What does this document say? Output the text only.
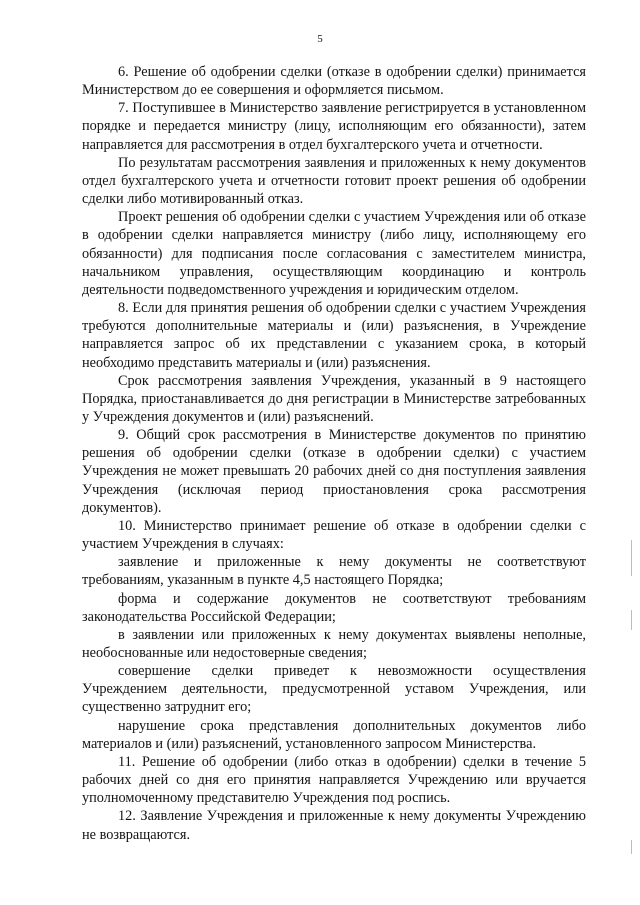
5

6. Решение об одобрении сделки (отказе в одобрении сделки) принимается Министерством до ее совершения и оформляется письмом.

7. Поступившее в Министерство заявление регистрируется в установленном порядке и передается министру (лицу, исполняющим его обязанности), затем направляется для рассмотрения в отдел бухгалтерского учета и отчетности.

По результатам рассмотрения заявления и приложенных к нему документов отдел бухгалтерского учета и отчетности готовит проект решения об одобрении сделки либо мотивированный отказ.

Проект решения об одобрении сделки с участием Учреждения или об отказе в одобрении сделки направляется министру (либо лицу, исполняющему его обязанности) для подписания после согласования с заместителем министра, начальником управления, осуществляющим координацию и контроль деятельности подведомственного учреждения и юридическим отделом.

8. Если для принятия решения об одобрении сделки с участием Учреждения требуются дополнительные материалы и (или) разъяснения, в Учреждение направляется запрос об их представлении с указанием срока, в который необходимо представить материалы и (или) разъяснения.

Срок рассмотрения заявления Учреждения, указанный в 9 настоящего Порядка, приостанавливается до дня регистрации в Министерстве затребованных у Учреждения документов и (или) разъяснений.

9. Общий срок рассмотрения в Министерстве документов по принятию решения об одобрении сделки (отказе в одобрении сделки) с участием Учреждения не может превышать 20 рабочих дней со дня поступления заявления Учреждения (исключая период приостановления срока рассмотрения документов).

10. Министерство принимает решение об отказе в одобрении сделки с участием Учреждения в случаях:

заявление и приложенные к нему документы не соответствуют требованиям, указанным в пункте 4,5 настоящего Порядка;

форма и содержание документов не соответствуют требованиям законодательства Российской Федерации;

в заявлении или приложенных к нему документах выявлены неполные, необоснованные или недостоверные сведения;

совершение сделки приведет к невозможности осуществления Учреждением деятельности, предусмотренной уставом Учреждения, или существенно затруднит его;

нарушение срока представления дополнительных документов либо материалов и (или) разъяснений, установленного запросом Министерства.

11. Решение об одобрении (либо отказ в одобрении) сделки в течение 5 рабочих дней со дня его принятия направляется Учреждению или вручается уполномоченному представителю Учреждения под роспись.

12. Заявление Учреждения и приложенные к нему документы Учреждению не возвращаются.
